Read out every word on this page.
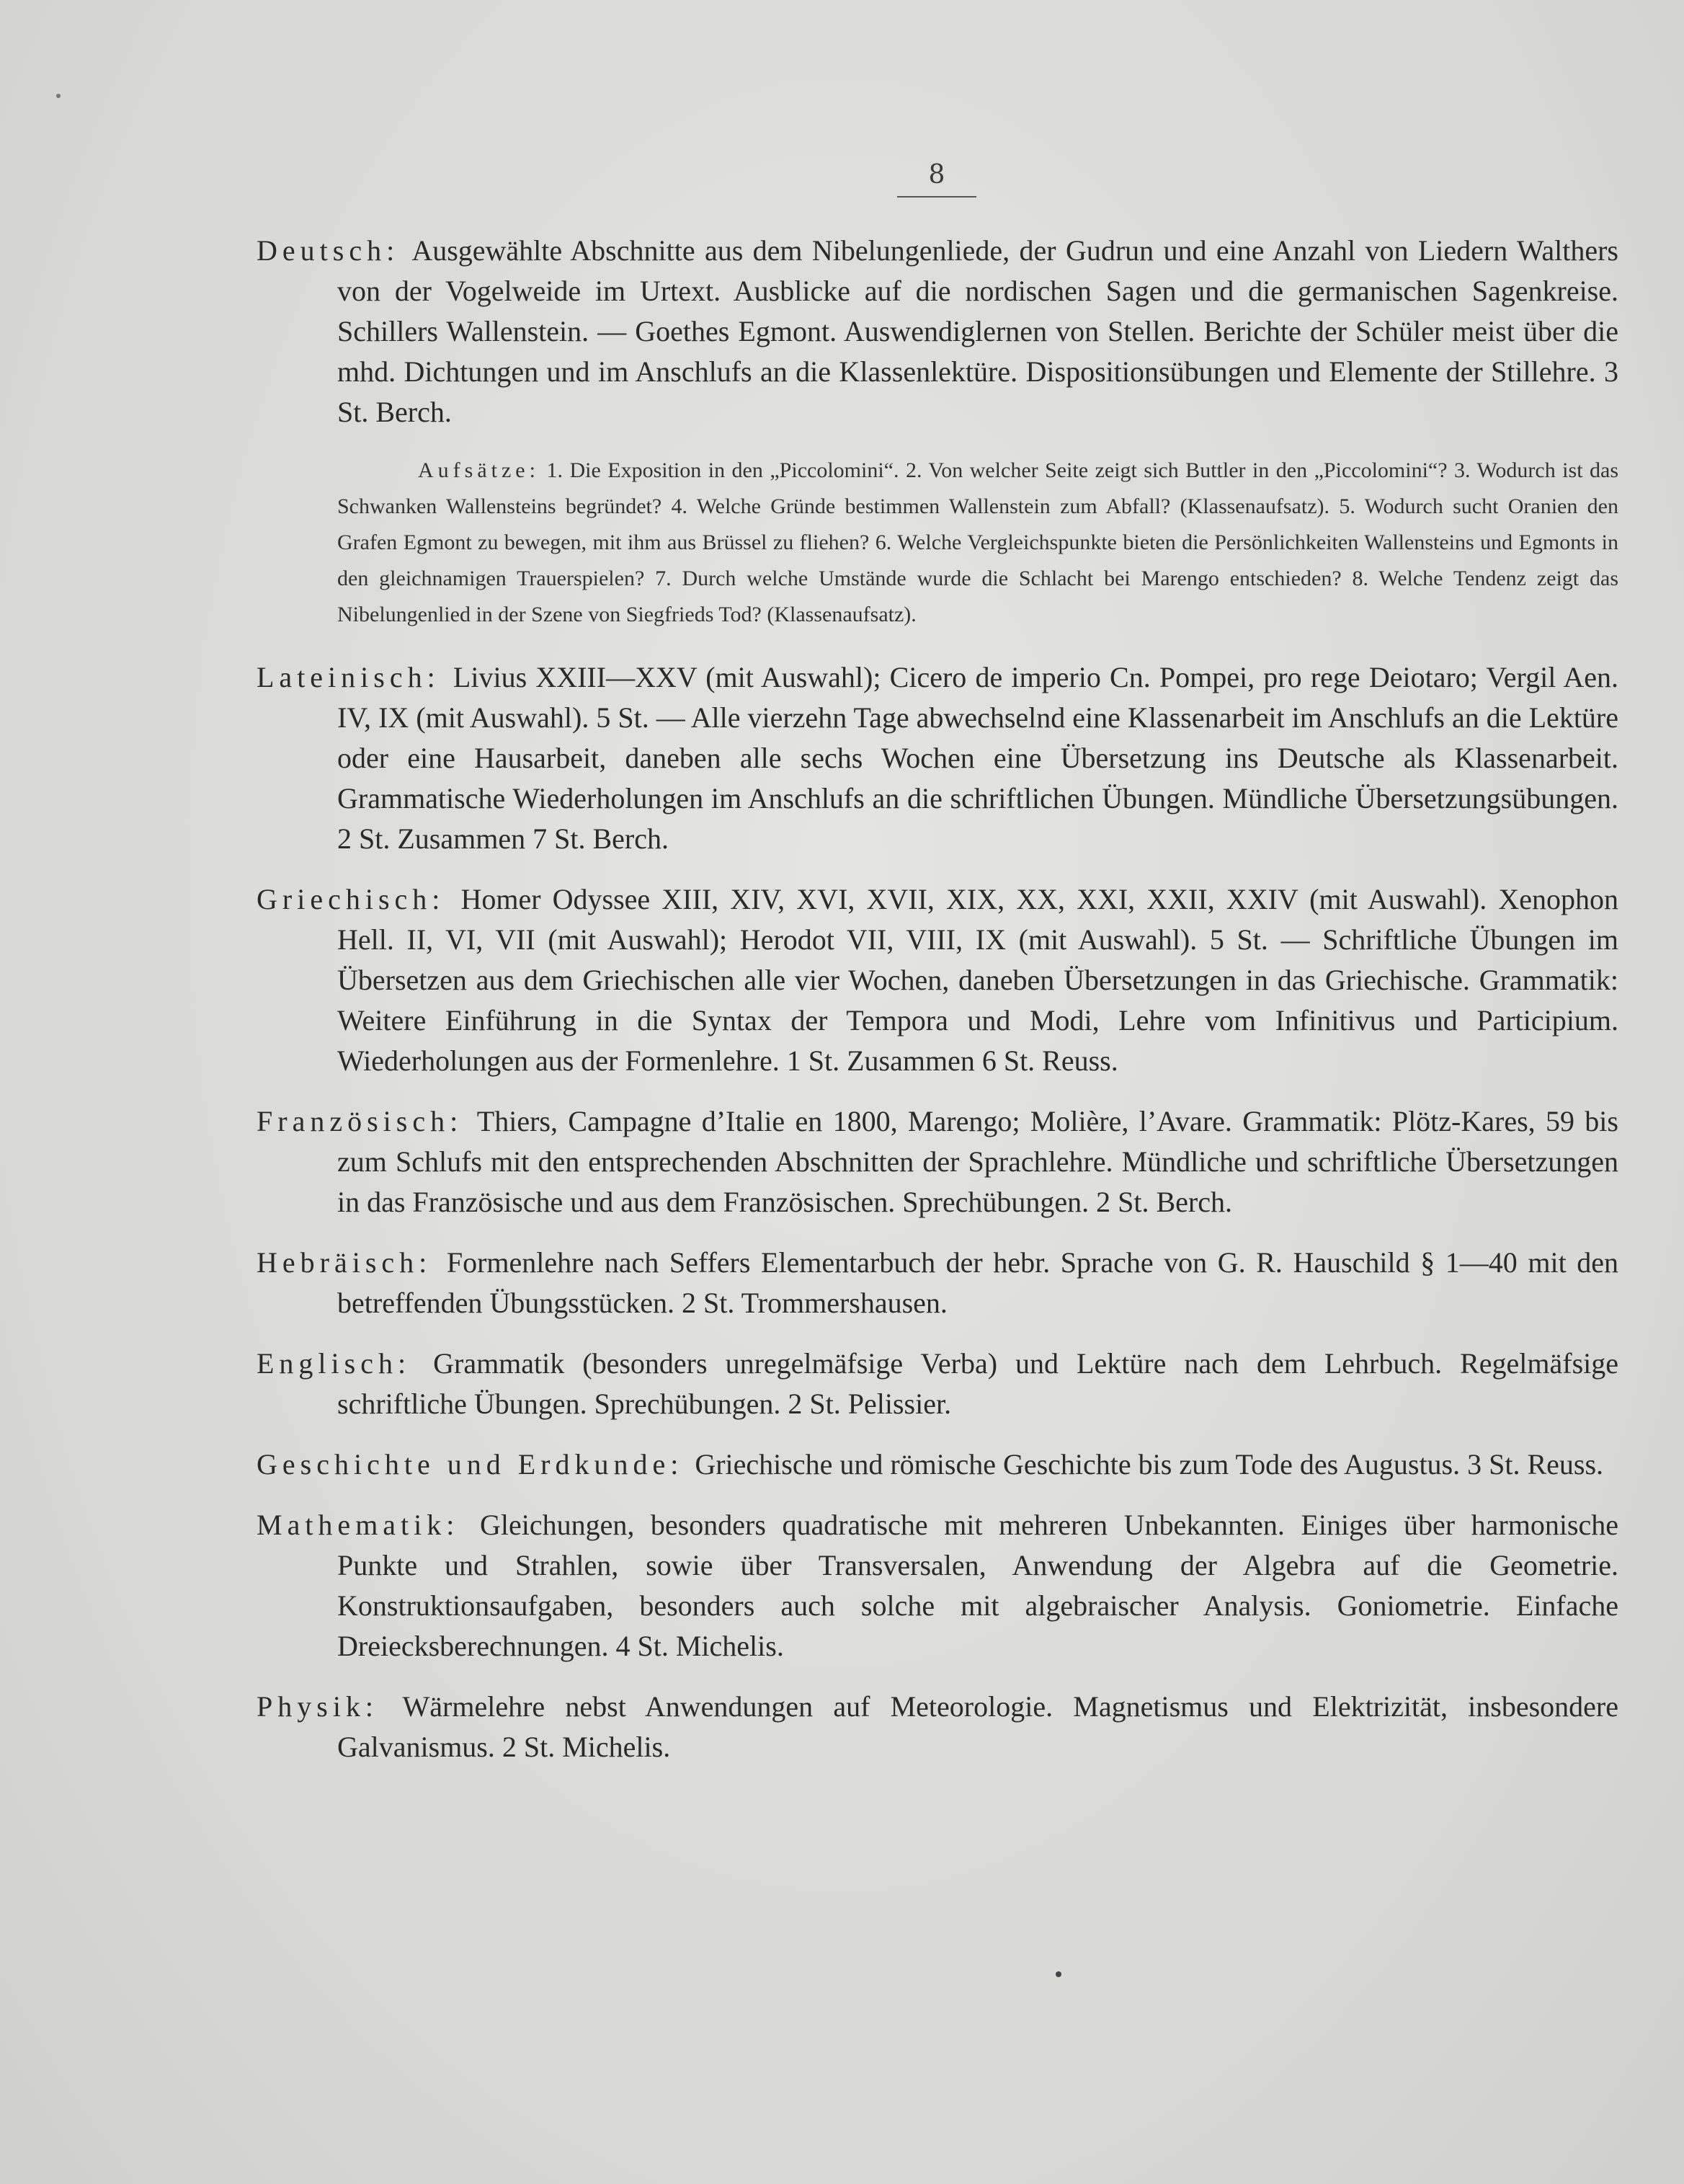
8

Deutsch: Ausgewählte Abschnitte aus dem Nibelungenliede, der Gudrun und eine Anzahl von Liedern Walthers von der Vogelweide im Urtext. Ausblicke auf die nordischen Sagen und die germanischen Sagenkreise. Schillers Wallenstein. — Goethes Egmont. Auswendiglernen von Stellen. Berichte der Schüler meist über die mhd. Dichtungen und im Anschlufs an die Klassenlektüre. Dispositionsübungen und Elemente der Stillehre. 3 St. Berch.

Aufsätze: 1. Die Exposition in den „Piccolomini“. 2. Von welcher Seite zeigt sich Buttler in den „Piccolomini“? 3. Wodurch ist das Schwanken Wallensteins begründet? 4. Welche Gründe bestimmen Wallenstein zum Abfall? (Klassenaufsatz). 5. Wodurch sucht Oranien den Grafen Egmont zu bewegen, mit ihm aus Brüssel zu fliehen? 6. Welche Vergleichspunkte bieten die Persönlichkeiten Wallensteins und Egmonts in den gleichnamigen Trauerspielen? 7. Durch welche Umstände wurde die Schlacht bei Marengo entschieden? 8. Welche Tendenz zeigt das Nibelungenlied in der Szene von Siegfrieds Tod? (Klassenaufsatz).

Lateinisch: Livius XXIII—XXV (mit Auswahl); Cicero de imperio Cn. Pompei, pro rege Deiotaro; Vergil Aen. IV, IX (mit Auswahl). 5 St. — Alle vierzehn Tage abwechselnd eine Klassenarbeit im Anschlufs an die Lektüre oder eine Hausarbeit, daneben alle sechs Wochen eine Übersetzung ins Deutsche als Klassenarbeit. Grammatische Wiederholungen im Anschlufs an die schriftlichen Übungen. Mündliche Übersetzungsübungen. 2 St. Zusammen 7 St. Berch.

Griechisch: Homer Odyssee XIII, XIV, XVI, XVII, XIX, XX, XXI, XXII, XXIV (mit Auswahl). Xenophon Hell. II, VI, VII (mit Auswahl); Herodot VII, VIII, IX (mit Auswahl). 5 St. — Schriftliche Übungen im Übersetzen aus dem Griechischen alle vier Wochen, daneben Übersetzungen in das Griechische. Grammatik: Weitere Einführung in die Syntax der Tempora und Modi, Lehre vom Infinitivus und Participium. Wiederholungen aus der Formenlehre. 1 St. Zusammen 6 St. Reuss.

Französisch: Thiers, Campagne d’Italie en 1800, Marengo; Molière, l’Avare. Grammatik: Plötz-Kares, 59 bis zum Schlufs mit den entsprechenden Abschnitten der Sprachlehre. Mündliche und schriftliche Übersetzungen in das Französische und aus dem Französischen. Sprechübungen. 2 St. Berch.

Hebräisch: Formenlehre nach Seffers Elementarbuch der hebr. Sprache von G. R. Hauschild § 1—40 mit den betreffenden Übungsstücken. 2 St. Trommershausen.

Englisch: Grammatik (besonders unregelmäfsige Verba) und Lektüre nach dem Lehrbuch. Regelmäfsige schriftliche Übungen. Sprechübungen. 2 St. Pelissier.

Geschichte und Erdkunde: Griechische und römische Geschichte bis zum Tode des Augustus. 3 St. Reuss.

Mathematik: Gleichungen, besonders quadratische mit mehreren Unbekannten. Einiges über harmonische Punkte und Strahlen, sowie über Transversalen, Anwendung der Algebra auf die Geometrie. Konstruktionsaufgaben, besonders auch solche mit algebraischer Analysis. Goniometrie. Einfache Dreiecksberechnungen. 4 St. Michelis.

Physik: Wärmelehre nebst Anwendungen auf Meteorologie. Magnetismus und Elektrizität, insbesondere Galvanismus. 2 St. Michelis.
